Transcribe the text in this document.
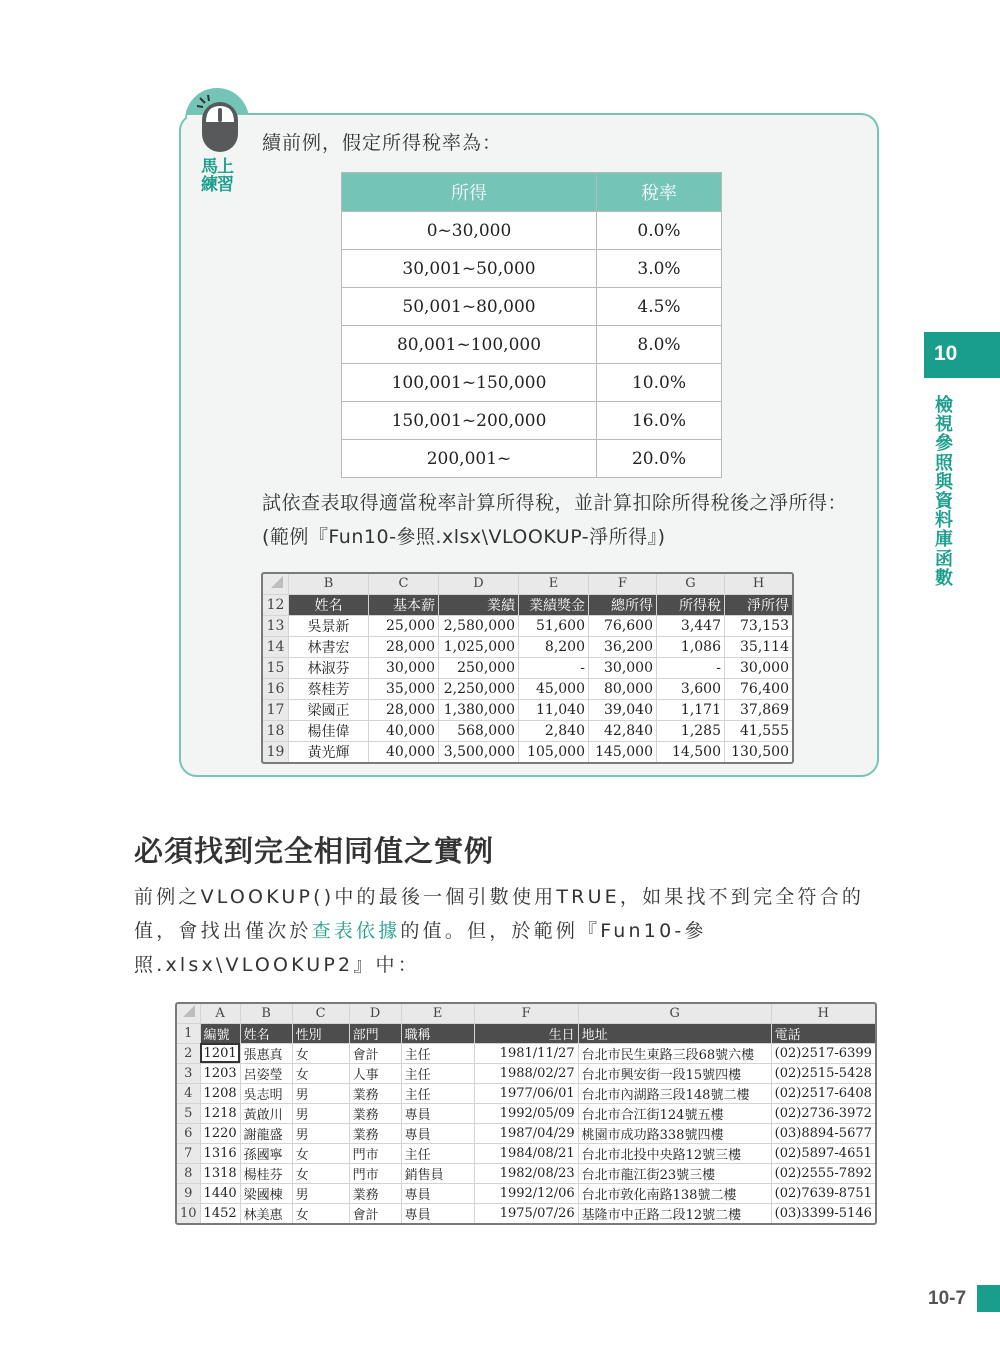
馬上練習
續前例，假定所得稅率為：
所得	稅率
0~30,000	0.0%
30,001~50,000	3.0%
50,001~80,000	4.5%
80,001~100,000	8.0%
100,001~150,000	10.0%
150,001~200,000	16.0%
200,001~	20.0%
試依查表取得適當稅率計算所得稅，並計算扣除所得稅後之淨所得：(範例『Fun10-參照.xlsx\VLOOKUP-淨所得』)
	B	C	D	E	F	G	H
12	姓名	基本薪	業績	業績獎金	總所得	所得稅	淨所得
13	吳景新	25,000	2,580,000	51,600	76,600	3,447	73,153
14	林書宏	28,000	1,025,000	8,200	36,200	1,086	35,114
15	林淑芬	30,000	250,000	-	30,000	-	30,000
16	蔡桂芳	35,000	2,250,000	45,000	80,000	3,600	76,400
17	梁國正	28,000	1,380,000	11,040	39,040	1,171	37,869
18	楊佳偉	40,000	568,000	2,840	42,840	1,285	41,555
19	黃光輝	40,000	3,500,000	105,000	145,000	14,500	130,500
必須找到完全相同值之實例
前例之VLOOKUP()中的最後一個引數使用TRUE，如果找不到完全符合的值，會找出僅次於查表依據的值。但，於範例『Fun10-參照.xlsx\VLOOKUP2』中：
	A	B	C	D	E	F	G	H
1	編號	姓名	性別	部門	職稱	生日	地址	電話
2	1201	張惠真	女	會計	主任	1981/11/27	台北市民生東路三段68號六樓	(02)2517-6399
3	1203	呂姿瑩	女	人事	主任	1988/02/27	台北市興安街一段15號四樓	(02)2515-5428
4	1208	吳志明	男	業務	主任	1977/06/01	台北市內湖路三段148號二樓	(02)2517-6408
5	1218	黃啟川	男	業務	專員	1992/05/09	台北市合江街124號五樓	(02)2736-3972
6	1220	謝龍盛	男	業務	專員	1987/04/29	桃園市成功路338號四樓	(03)8894-5677
7	1316	孫國寧	女	門市	主任	1984/08/21	台北市北投中央路12號三樓	(02)5897-4651
8	1318	楊桂芬	女	門市	銷售員	1982/08/23	台北市龍江街23號三樓	(02)2555-7892
9	1440	梁國棟	男	業務	專員	1992/12/06	台北市敦化南路138號二樓	(02)7639-8751
10	1452	林美惠	女	會計	專員	1975/07/26	基隆市中正路二段12號二樓	(03)3399-5146
10
檢視參照與資料庫函數
10-7
